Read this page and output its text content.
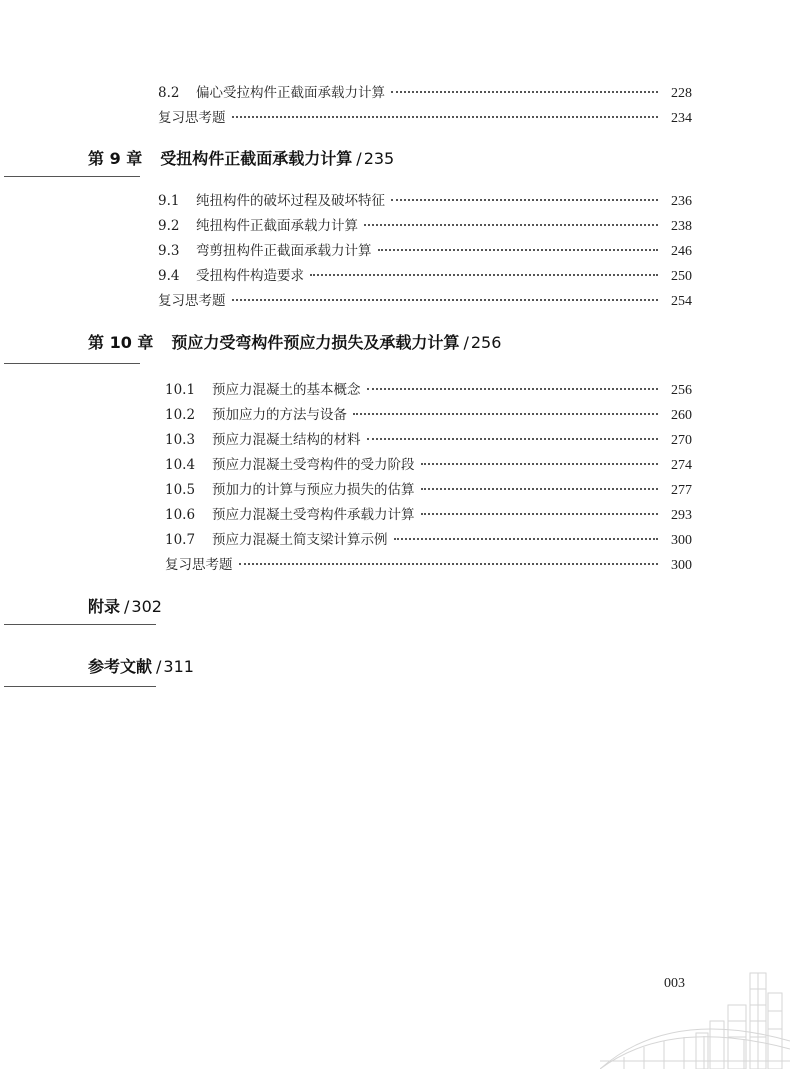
8.2 偏心受拉构件正截面承载力计算	228
复习思考题	234
第 9 章 受扭构件正截面承载力计算 / 235
9.1 纯扭构件的破坏过程及破坏特征	236
9.2 纯扭构件正截面承载力计算	238
9.3 弯剪扭构件正截面承载力计算	246
9.4 受扭构件构造要求	250
复习思考题	254
第 10 章 预应力受弯构件预应力损失及承载力计算 / 256
10.1 预应力混凝土的基本概念	256
10.2 预加应力的方法与设备	260
10.3 预应力混凝土结构的材料	270
10.4 预应力混凝土受弯构件的受力阶段	274
10.5 预加力的计算与预应力损失的估算	277
10.6 预应力混凝土受弯构件承载力计算	293
10.7 预应力混凝土简支梁计算示例	300
复习思考题	300
附录 / 302
参考文献 / 311
003
